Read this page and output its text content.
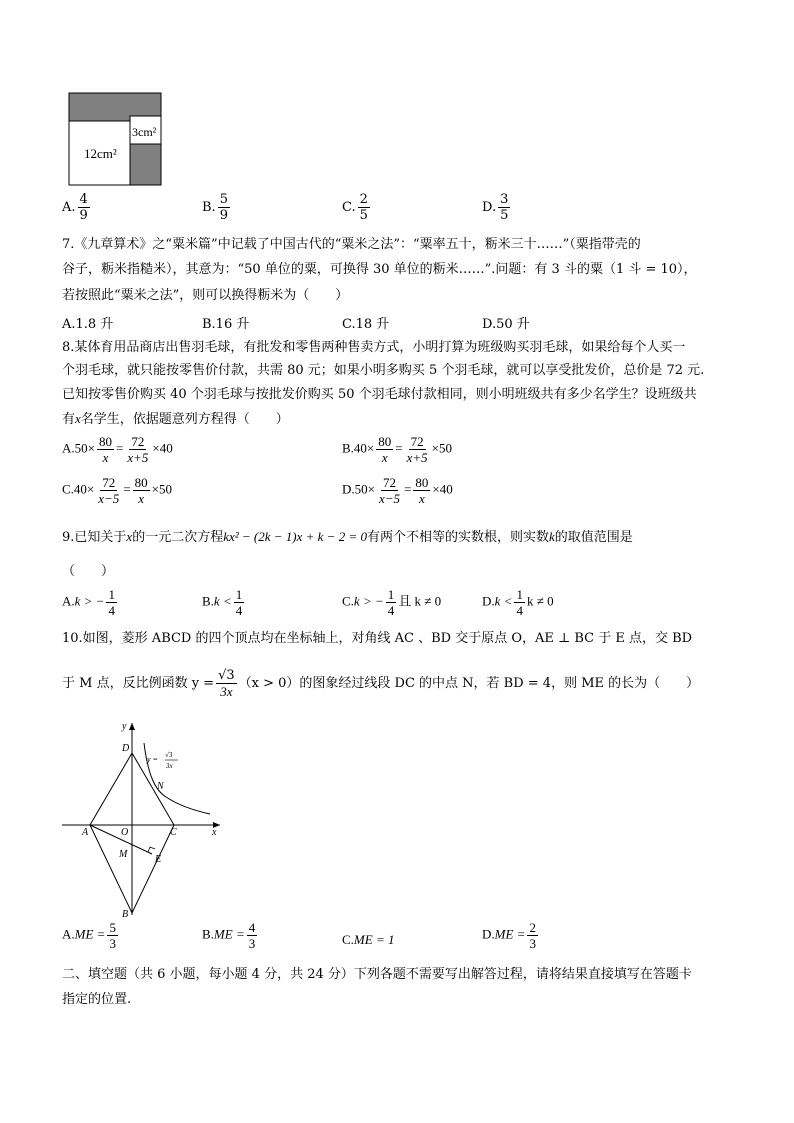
12cm²
3cm²
A. $\frac{4}{9}$	B. $\frac{5}{9}$	C. $\frac{2}{5}$	D. $\frac{3}{5}$
7.《九章算术》之“粟米篇”中记载了中国古代的“粟米之法”：“粟率五十，粝米三十……”（粟指带壳的
谷子，粝米指糙米），其意为：“50 单位的粟，可换得 30 单位的粝米……”.问题：有 3 斗的粟（1 斗 = 10），
若按照此“粟米之法”，则可以换得粝米为（　　）
A.1.8 升	B.16 升	C.18 升	D.50 升
8.某体育用品商店出售羽毛球，有批发和零售两种售卖方式，小明打算为班级购买羽毛球，如果给每个人买一
个羽毛球，就只能按零售价付款，共需 80 元；如果小明多购买 5 个羽毛球，就可以享受批发价，总价是 72 元.
已知按零售价购买 40 个羽毛球与按批发价购买 50 个羽毛球付款相同，则小明班级共有多少名学生？设班级共
有x名学生，依据题意列方程得（　　）
$A.50\times \frac{80}{x} = \frac{72}{x+5} \times 40$	$B.40\times \frac{80}{x} = \frac{72}{x+5} \times 50$
$C.40\times \frac{72}{x-5} = \frac{80}{x} \times 50$	$D.50\times \frac{72}{x-5} = \frac{80}{x} \times 40$
9.已知关于x的一元二次方程kx² − (2k − 1)x + k − 2 = 0有两个不相等的实数根，则实数k的取值范围是
（　　）
A.k > − $\frac{1}{4}$	$B.k < \frac{1}{4}$	C.k > − $\frac{1}{4}$ 且 k ≠ 0	$D.k < \frac{1}{4}$ k ≠ 0
10.如图，菱形 ABCD 的四个顶点均在坐标轴上，对角线 AC 、BD 交于原点 O，AE ⊥ BC 于 E 点，交 BD
于 M 点，反比例函数 $y = \frac{√3}{3x} (x > 0)$的图象经过线段 DC 的中点 N，若 BD = 4，则 ME 的长为（　　）
y
x
D
A	O	C
M	E
B
N
y = √3
3x
$A.ME = \frac{5}{3}$	$B.ME = \frac{4}{3}$	C.ME = 1	$D.ME = \frac{2}{3}$
二、填空题（共 6 小题，每小题 4 分，共 24 分）下列各题不需要写出解答过程，请将结果直接填写在答题卡
指定的位置.
